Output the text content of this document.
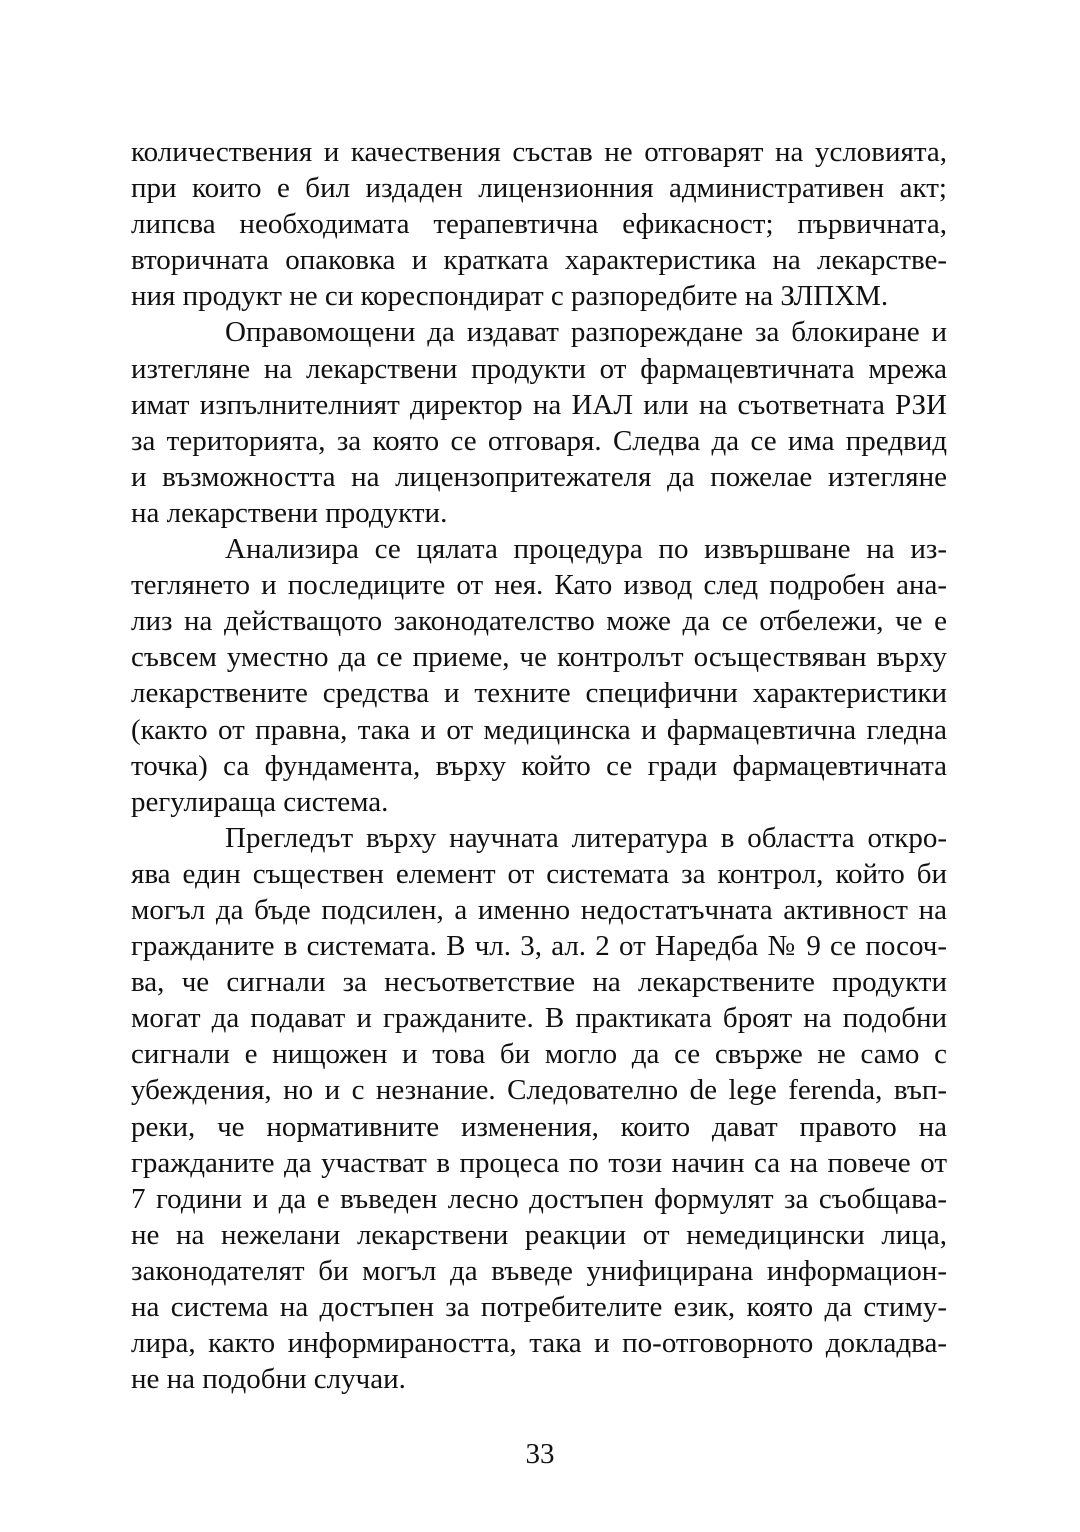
количествения и качествения състав не отговарят на условията,
при които е бил издаден лицензионния административен акт;
липсва необходимата терапевтична ефикасност; първичната,
вторичната опаковка и кратката характеристика на лекарстве-
ния продукт не си кореспондират с разпоредбите на ЗЛПХМ.
Оправомощени да издават разпореждане за блокиране и
изтегляне на лекарствени продукти от фармацевтичната мрежа
имат изпълнителният директор на ИАЛ или на съответната РЗИ
за територията, за която се отговаря. Следва да се има предвид
и възможността на лицензопритежателя да пожелае изтегляне
на лекарствени продукти.
Анализира се цялата процедура по извършване на из-
теглянето и последиците от нея. Като извод след подробен ана-
лиз на действащото законодателство може да се отбележи, че е
съвсем уместно да се приеме, че контролът осъществяван върху
лекарствените средства и техните специфични характеристики
(както от правна, така и от медицинска и фармацевтична гледна
точка) са фундамента, върху който се гради фармацевтичната
регулираща система.
Прегледът върху научната литература в областта откро-
ява един съществен елемент от системата за контрол, който би
могъл да бъде подсилен, а именно недостатъчната активност на
гражданите в системата. В чл. 3, ал. 2 от Наредба № 9 се посоч-
ва, че сигнали за несъответствие на лекарствените продукти
могат да подават и гражданите. В практиката броят на подобни
сигнали е нищожен и това би могло да се свърже не само с
убеждения, но и с незнание. Следователно de lege ferenda, въп-
реки, че нормативните изменения, които дават правото на
гражданите да участват в процеса по този начин са на повече от
7 години и да е въведен лесно достъпен формулят за съобщава-
не на нежелани лекарствени реакции от немедицински лица,
законодателят би могъл да въведе унифицирана информацион-
на система на достъпен за потребителите език, която да стиму-
лира, както информираността, така и по-отговорното докладва-
не на подобни случаи.
33
